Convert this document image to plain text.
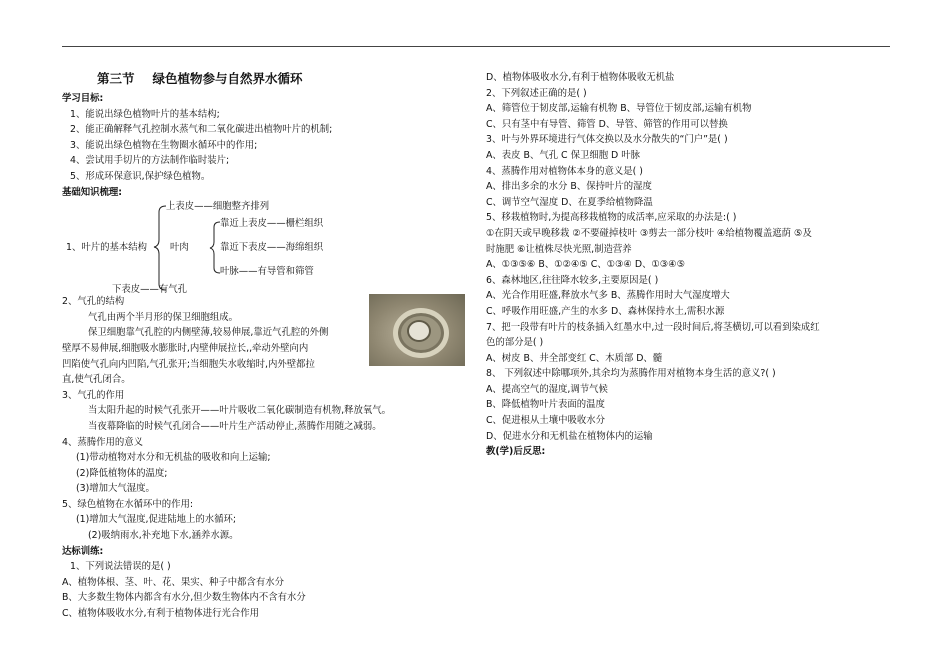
第三节 绿色植物参与自然界水循环
学习目标:
1、能说出绿色植物叶片的基本结构;
2、能正确解释气孔控制水蒸气和二氧化碳进出植物叶片的机制;
3、能说出绿色植物在生物圈水循环中的作用;
4、尝试用手切片的方法制作临时装片;
5、形成环保意识,保护绿色植物。
基础知识梳理:
1、叶片的基本结构
上表皮——细胞整齐排列
叶肉
靠近上表皮——栅栏组织
靠近下表皮——海绵组织
叶脉——有导管和筛管
下表皮——有气孔
2、气孔的结构
气孔由两个半月形的保卫细胞组成。
保卫细胞靠气孔腔的内侧壁薄,较易伸展,靠近气孔腔的外侧
壁厚不易伸展,细胞吸水膨胀时,内壁伸展拉长,,牵动外壁向内
凹陷使气孔向内凹陷,气孔张开;当细胞失水收缩时,内外壁都拉
直,使气孔闭合。
3、气孔的作用
当太阳升起的时候气孔张开——叶片吸收二氧化碳制造有机物,释放氧气。
当夜幕降临的时候气孔闭合——叶片生产活动停止,蒸腾作用随之减弱。
4、蒸腾作用的意义
(1)带动植物对水分和无机盐的吸收和向上运输;
(2)降低植物体的温度;
(3)增加大气湿度。
5、绿色植物在水循环中的作用:
(1)增加大气湿度,促进陆地上的水循环;
(2)吸纳雨水,补充地下水,涵养水源。
达标训练:
1、下列说法错误的是( )
A、植物体根、茎、叶、花、果实、种子中都含有水分
B、大多数生物体内都含有水分,但少数生物体内不含有水分
C、植物体吸收水分,有利于植物体进行光合作用
D、植物体吸收水分,有利于植物体吸收无机盐
2、下列叙述正确的是( )
A、筛管位于韧皮部,运输有机物 B、导管位于韧皮部,运输有机物
C、只有茎中有导管、筛管 D、导管、筛管的作用可以替换
3、叶与外界环境进行气体交换以及水分散失的“门户”是( )
A、表皮 B、气孔 C 保卫细胞 D 叶脉
4、蒸腾作用对植物体本身的意义是( )
A、排出多余的水分 B、保持叶片的湿度
C、调节空气湿度 D、在夏季给植物降温
5、移栽植物时,为提高移栽植物的成活率,应采取的办法是:( )
①在阴天或早晚移栽 ②不要碰掉枝叶 ③剪去一部分枝叶 ④给植物覆盖遮荫 ⑤及
时施肥 ⑥让植株尽快光照,制造营养
A、①③⑤⑥ B、①②④⑤ C、①③④ D、①③④⑤
6、森林地区,往往降水较多,主要原因是( )
A、光合作用旺盛,释放水气多 B、蒸腾作用时大气湿度增大
C、呼吸作用旺盛,产生的水多 D、森林保持水土,需积水源
7、把一段带有叶片的枝条插入红墨水中,过一段时间后,将茎横切,可以看到染成红
色的部分是( )
A、树皮 B、井全部变红 C、木质部 D、髓
8、 下列叙述中除哪项外,其余均为蒸腾作用对植物本身生活的意义?( )
A、提高空气的湿度,调节气候
B、降低植物叶片表面的温度
C、促进根从土壤中吸收水分
D、促进水分和无机盐在植物体内的运输
教(学)后反思:
